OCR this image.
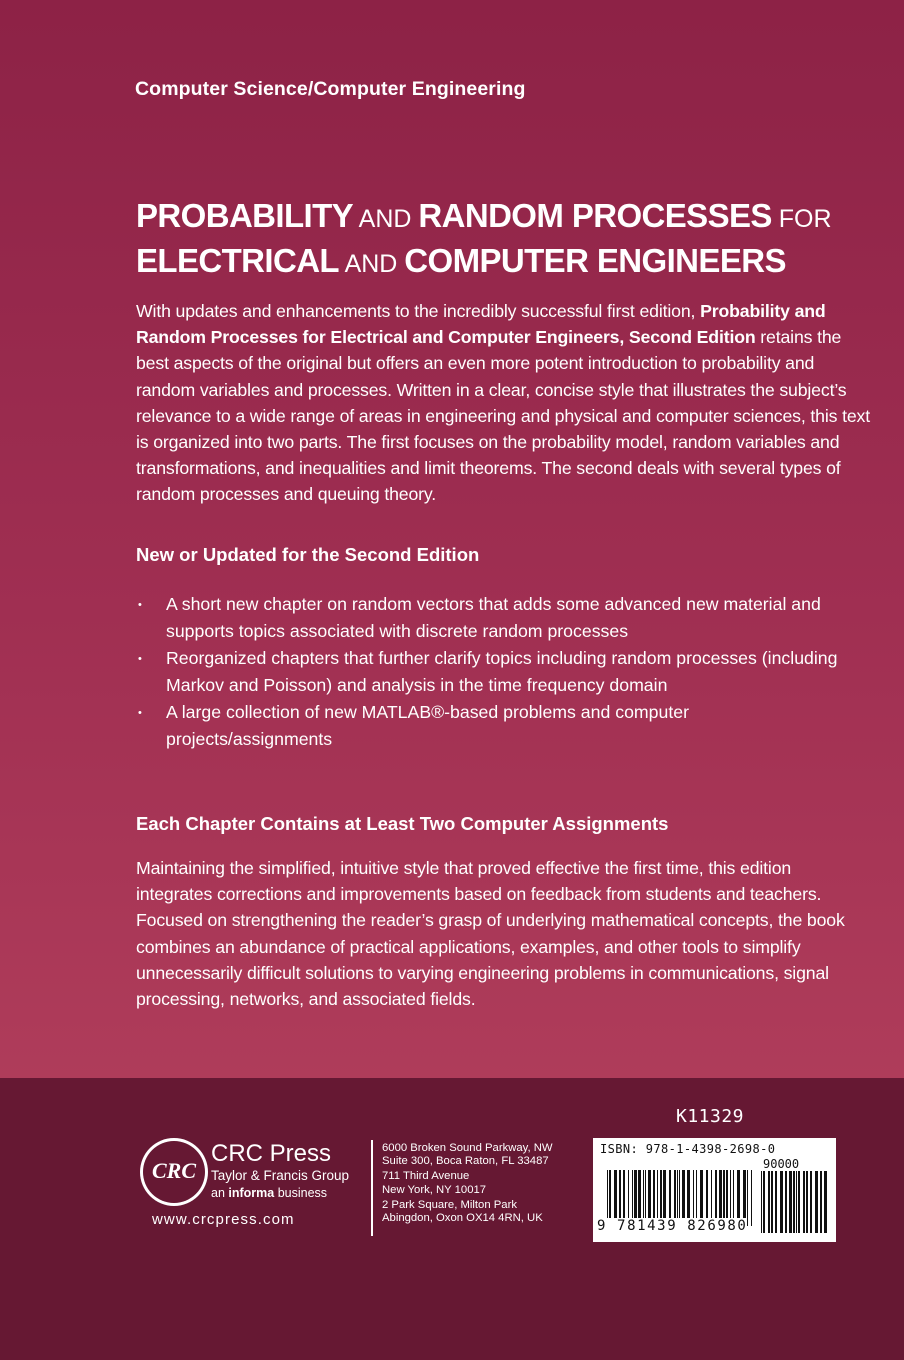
Computer Science/Computer Engineering
PROBABILITY AND RANDOM PROCESSES FOR
ELECTRICAL AND COMPUTER ENGINEERS
With updates and enhancements to the incredibly successful first edition, Probability and Random Processes for Electrical and Computer Engineers, Second Edition retains the best aspects of the original but offers an even more potent introduction to probability and random variables and processes. Written in a clear, concise style that illustrates the subject’s relevance to a wide range of areas in engineering and physical and computer sciences, this text is organized into two parts. The first focuses on the probability model, random variables and transformations, and inequalities and limit theorems. The second deals with several types of random processes and queuing theory.
New or Updated for the Second Edition
•	A short new chapter on random vectors that adds some advanced new material and supports topics associated with discrete random processes
•	Reorganized chapters that further clarify topics including random processes (including Markov and Poisson) and analysis in the time frequency domain
•	A large collection of new MATLAB®-based problems and computer projects/assignments
Each Chapter Contains at Least Two Computer Assignments
Maintaining the simplified, intuitive style that proved effective the first time, this edition integrates corrections and improvements based on feedback from students and teachers. Focused on strengthening the reader’s grasp of underlying mathematical concepts, the book combines an abundance of practical applications, examples, and other tools to simplify unnecessarily difficult solutions to varying engineering problems in communications, signal processing, networks, and associated fields.
CRC
CRC Press
Taylor & Francis Group
an informa business
www.crcpress.com
6000 Broken Sound Parkway, NW
Suite 300, Boca Raton, FL 33487
711 Third Avenue
New York, NY 10017
2 Park Square, Milton Park
Abingdon, Oxon OX14 4RN, UK
K11329
ISBN: 978-1-4398-2698-0
90000
9 781439 826980
